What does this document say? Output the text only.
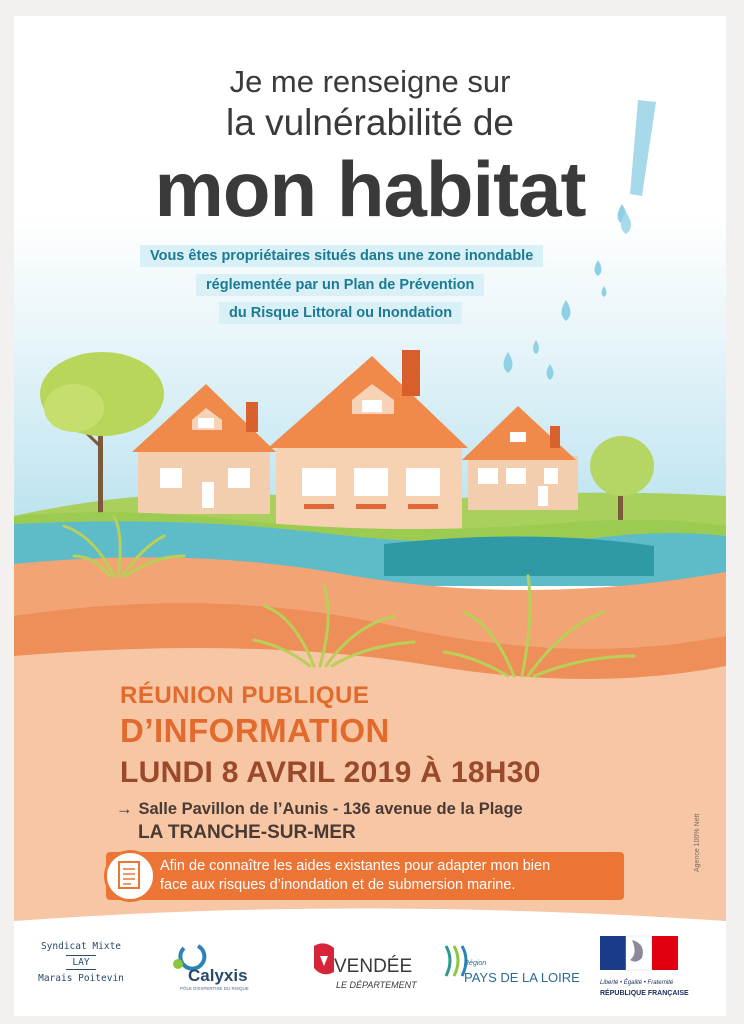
Je me renseigne sur
la vulnérabilité de
mon habitat
Vous êtes propriétaires situés dans une zone inondable
réglementée par un Plan de Prévention
du Risque Littoral ou Inondation
RÉUNION PUBLIQUE
D’INFORMATION
LUNDI 8 AVRIL 2019 À 18H30
→ Salle Pavillon de l’Aunis - 136 avenue de la Plage
LA TRANCHE-SUR-MER
Afin de connaître les aides existantes pour adapter mon bien
face aux risques d’inondation et de submersion marine.
Agence 100% Nett
Syndicat Mixte
LAY
Marais Poitevin	Calyxis
PÔLE D'EXPERTISE DU RISQUE
VENDÉE
LE DÉPARTEMENT
Région
PAYS DE LA LOIRE	Liberté • Égalité • Fraternité
RÉPUBLIQUE FRANÇAISE
